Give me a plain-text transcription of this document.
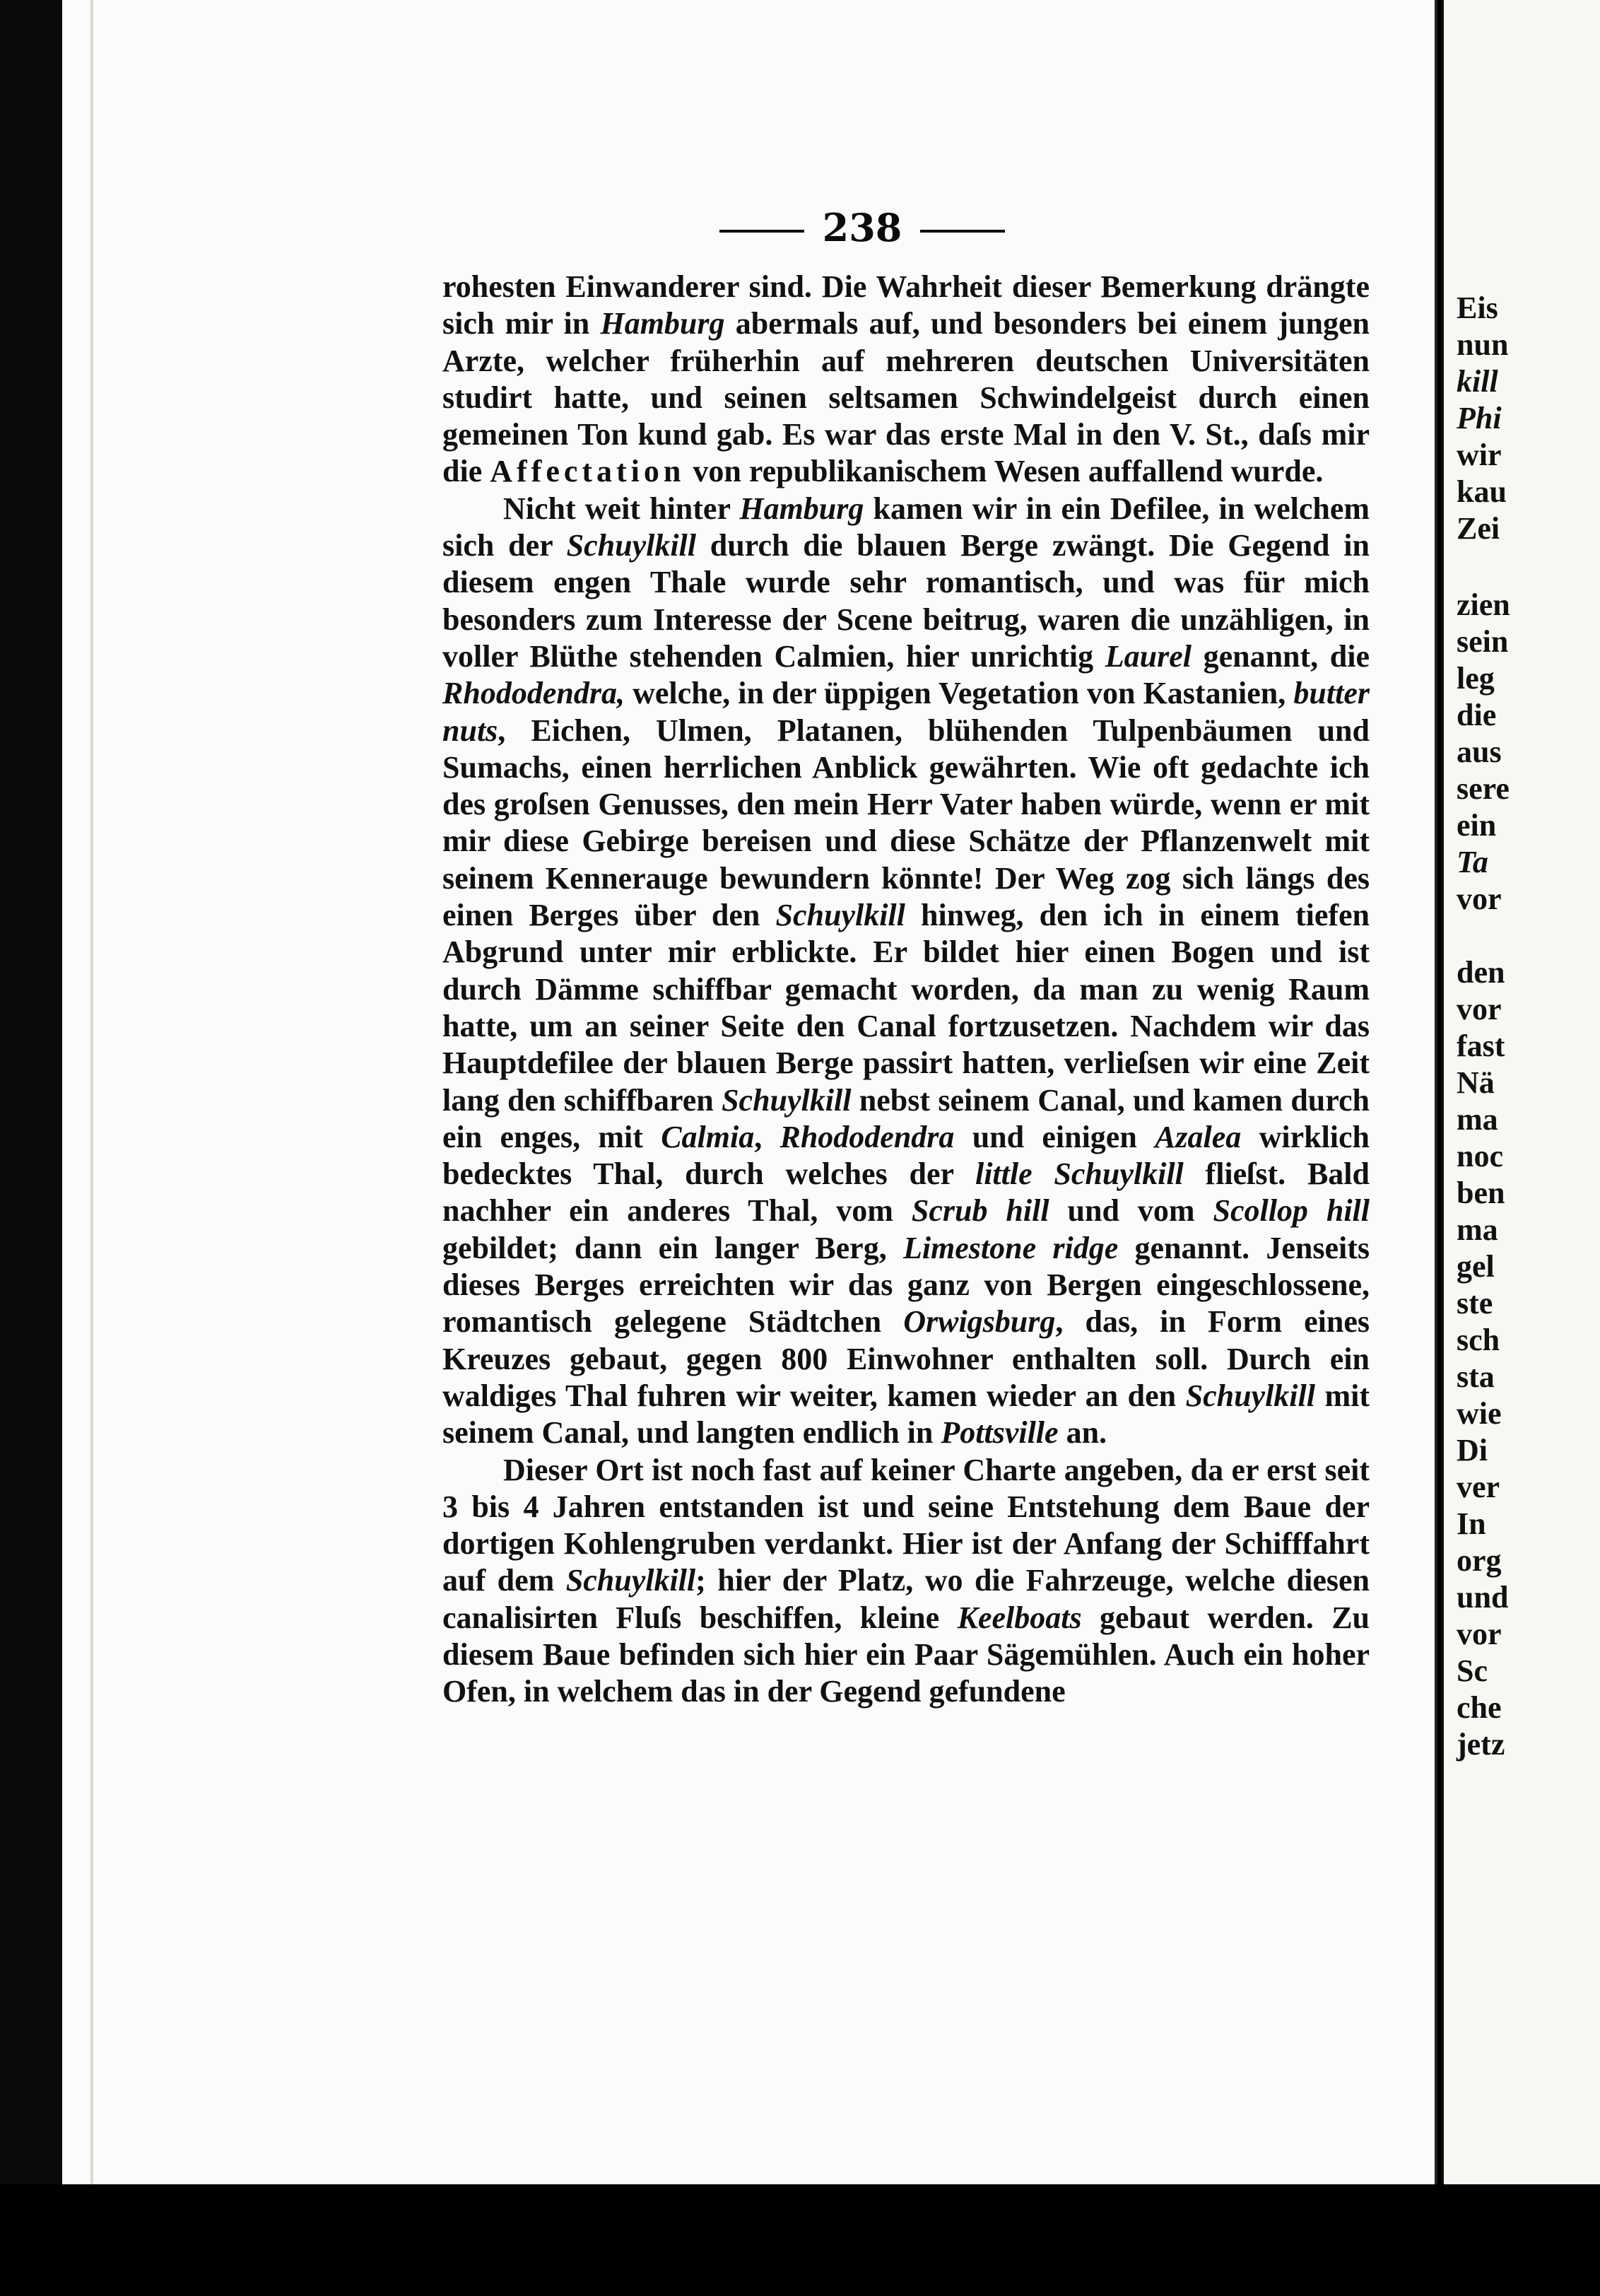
238

rohesten Einwanderer sind. Die Wahrheit dieser Bemerkung drängte sich mir in Hamburg abermals auf, und besonders bei einem jungen Arzte, welcher früherhin auf mehreren deutschen Universitäten studirt hatte, und seinen seltsamen Schwindelgeist durch einen gemeinen Ton kund gab. Es war das erste Mal in den V. St., daſs mir die Affectation von republikanischem Wesen auffallend wurde.

Nicht weit hinter Hamburg kamen wir in ein Defilee, in welchem sich der Schuylkill durch die blauen Berge zwängt. Die Gegend in diesem engen Thale wurde sehr romantisch, und was für mich besonders zum Interesse der Scene beitrug, waren die unzähligen, in voller Blüthe stehenden Calmien, hier unrichtig Laurel genannt, die Rhododendra, welche, in der üppigen Vegetation von Kastanien, butter nuts, Eichen, Ulmen, Platanen, blühenden Tulpenbäumen und Sumachs, einen herrlichen Anblick gewährten. Wie oft gedachte ich des groſsen Genusses, den mein Herr Vater haben würde, wenn er mit mir diese Gebirge bereisen und diese Schätze der Pflanzenwelt mit seinem Kennerauge bewundern könnte! Der Weg zog sich längs des einen Berges über den Schuylkill hinweg, den ich in einem tiefen Abgrund unter mir erblickte. Er bildet hier einen Bogen und ist durch Dämme schiffbar gemacht worden, da man zu wenig Raum hatte, um an seiner Seite den Canal fortzusetzen. Nachdem wir das Hauptdefilee der blauen Berge passirt hatten, verlieſsen wir eine Zeit lang den schiffbaren Schuylkill nebst seinem Canal, und kamen durch ein enges, mit Calmia, Rhododendra und einigen Azalea wirklich bedecktes Thal, durch welches der little Schuylkill flieſst. Bald nachher ein anderes Thal, vom Scrub hill und vom Scollop hill gebildet; dann ein langer Berg, Limestone ridge genannt. Jenseits dieses Berges erreichten wir das ganz von Bergen eingeschlossene, romantisch gelegene Städtchen Orwigsburg, das, in Form eines Kreuzes gebaut, gegen 800 Einwohner enthalten soll. Durch ein waldiges Thal fuhren wir weiter, kamen wieder an den Schuylkill mit seinem Canal, und langten endlich in Pottsville an.

Dieser Ort ist noch fast auf keiner Charte angeben, da er erst seit 3 bis 4 Jahren entstanden ist und seine Entstehung dem Baue der dortigen Kohlengruben verdankt. Hier ist der Anfang der Schifffahrt auf dem Schuylkill; hier der Platz, wo die Fahrzeuge, welche diesen canalisirten Fluſs beschiffen, kleine Keelboats gebaut werden. Zu diesem Baue befinden sich hier ein Paar Sägemühlen. Auch ein hoher Ofen, in welchem das in der Gegend gefundene

Eis
nun
kill
Phi
wir
kau
Zei
zien
sein
leg
die
aus
sere
ein
Ta
vor
den
vor
fast
Nä
ma
noc
ben
ma
gel
ste
sch
sta
wie
Di
ver
In
org
und
vor
Sc
che
jetz
